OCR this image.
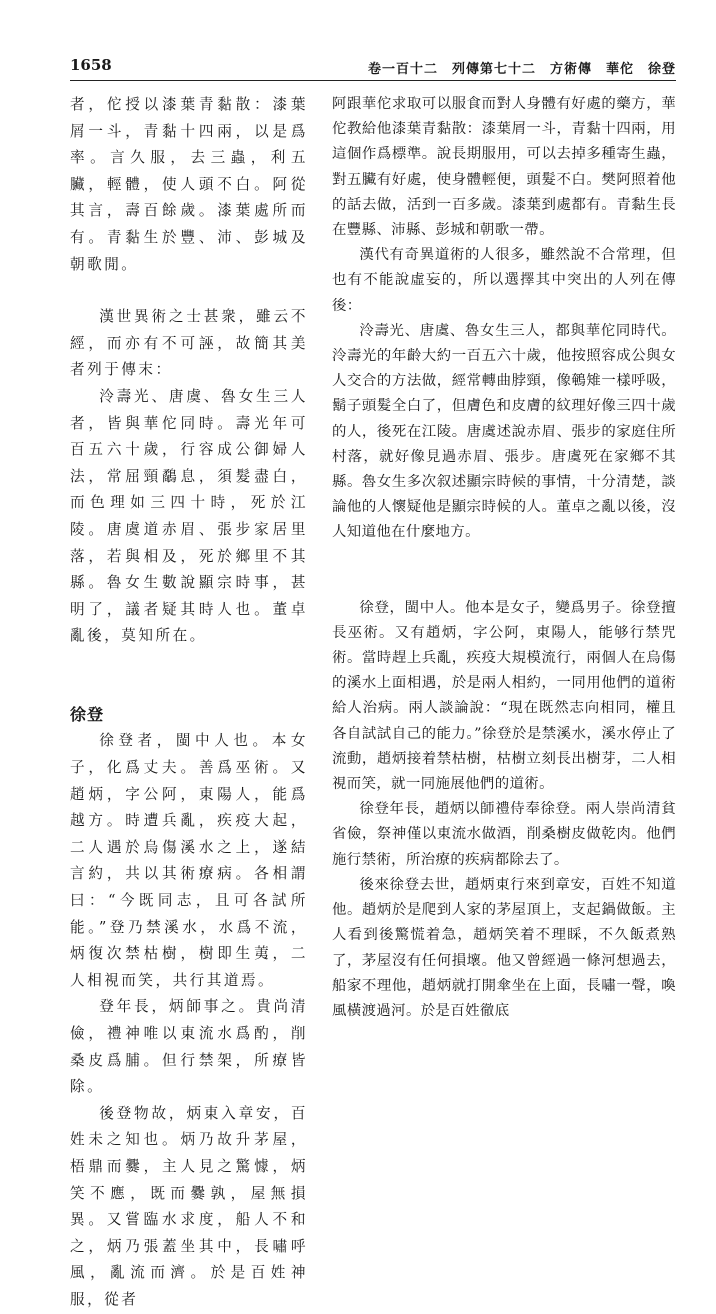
1658	卷一百十二　列傳第七十二　方術傳　華佗　徐登

者，佗授以漆葉青黏散：漆葉屑一斗，青黏十四兩，以是爲率。言久服，去三蟲，利五臟，輕體，使人頭不白。阿從其言，壽百餘歲。漆葉處所而有。青黏生於豐、沛、彭城及朝歌閒。

漢世異術之士甚衆，雖云不經，而亦有不可誣，故簡其美者列于傳末：

泠壽光、唐虞、魯女生三人者，皆與華佗同時。壽光年可百五六十歲，行容成公御婦人法，常屈頸鷸息，須髮盡白，而色理如三四十時，死於江陵。唐虞道赤眉、張步家居里落，若與相及，死於鄉里不其縣。魯女生數說顯宗時事，甚明了，議者疑其時人也。董卓亂後，莫知所在。

徐登

徐登者，閩中人也。本女子，化爲丈夫。善爲巫術。又趙炳，字公阿，東陽人，能爲越方。時遭兵亂，疾疫大起，二人遇於烏傷溪水之上，遂結言約，共以其術療病。各相謂曰：“今既同志，且可各試所能。”登乃禁溪水，水爲不流，炳復次禁枯樹，樹即生荑，二人相視而笑，共行其道焉。

登年長，炳師事之。貴尚清儉，禮神唯以東流水爲酌，削桑皮爲脯。但行禁架，所療皆除。

後登物故，炳東入章安，百姓未之知也。炳乃故升茅屋，梧鼎而爨，主人見之驚懅，炳笑不應，既而爨孰，屋無損異。又嘗臨水求度，船人不和之，炳乃張蓋坐其中，長嘯呼風，亂流而濟。於是百姓神服，從者

阿跟華佗求取可以服食而對人身體有好處的藥方，華佗教給他漆葉青黏散：漆葉屑一斗，青黏十四兩，用這個作爲標準。說長期服用，可以去掉多種寄生蟲，對五臟有好處，使身體輕便，頭髮不白。樊阿照着他的話去做，活到一百多歲。漆葉到處都有。青黏生長在豐縣、沛縣、彭城和朝歌一帶。

漢代有奇異道術的人很多，雖然說不合常理，但也有不能說虛妄的，所以選擇其中突出的人列在傳後：

泠壽光、唐虞、魯女生三人，都與華佗同時代。泠壽光的年齡大約一百五六十歲，他按照容成公與女人交合的方法做，經常轉曲脖頸，像鵪雉一樣呼吸，鬍子頭髮全白了，但膚色和皮膚的紋理好像三四十歲的人，後死在江陵。唐虞述說赤眉、張步的家庭住所村落，就好像見過赤眉、張步。唐虞死在家鄉不其縣。魯女生多次叙述顯宗時候的事情，十分清楚，談論他的人懷疑他是顯宗時候的人。董卓之亂以後，沒人知道他在什麼地方。

徐登，閩中人。他本是女子，變爲男子。徐登擅長巫術。又有趙炳，字公阿，東陽人，能够行禁咒術。當時趕上兵亂，疾疫大規模流行，兩個人在烏傷的溪水上面相遇，於是兩人相約，一同用他們的道術給人治病。兩人談論說：“現在既然志向相同，權且各自試試自己的能力。”徐登於是禁溪水，溪水停止了流動，趙炳接着禁枯樹，枯樹立刻長出樹芽，二人相視而笑，就一同施展他們的道術。

徐登年長，趙炳以師禮侍奉徐登。兩人崇尚清貧省儉，祭神僅以東流水做酒，削桑樹皮做乾肉。他們施行禁術，所治療的疾病都除去了。

後來徐登去世，趙炳東行來到章安，百姓不知道他。趙炳於是爬到人家的茅屋頂上，支起鍋做飯。主人看到後驚慌着急，趙炳笑着不理睬，不久飯煮熟了，茅屋沒有任何損壞。他又曾經過一條河想過去，船家不理他，趙炳就打開傘坐在上面，長嘯一聲，喚風橫渡過河。於是百姓徹底
